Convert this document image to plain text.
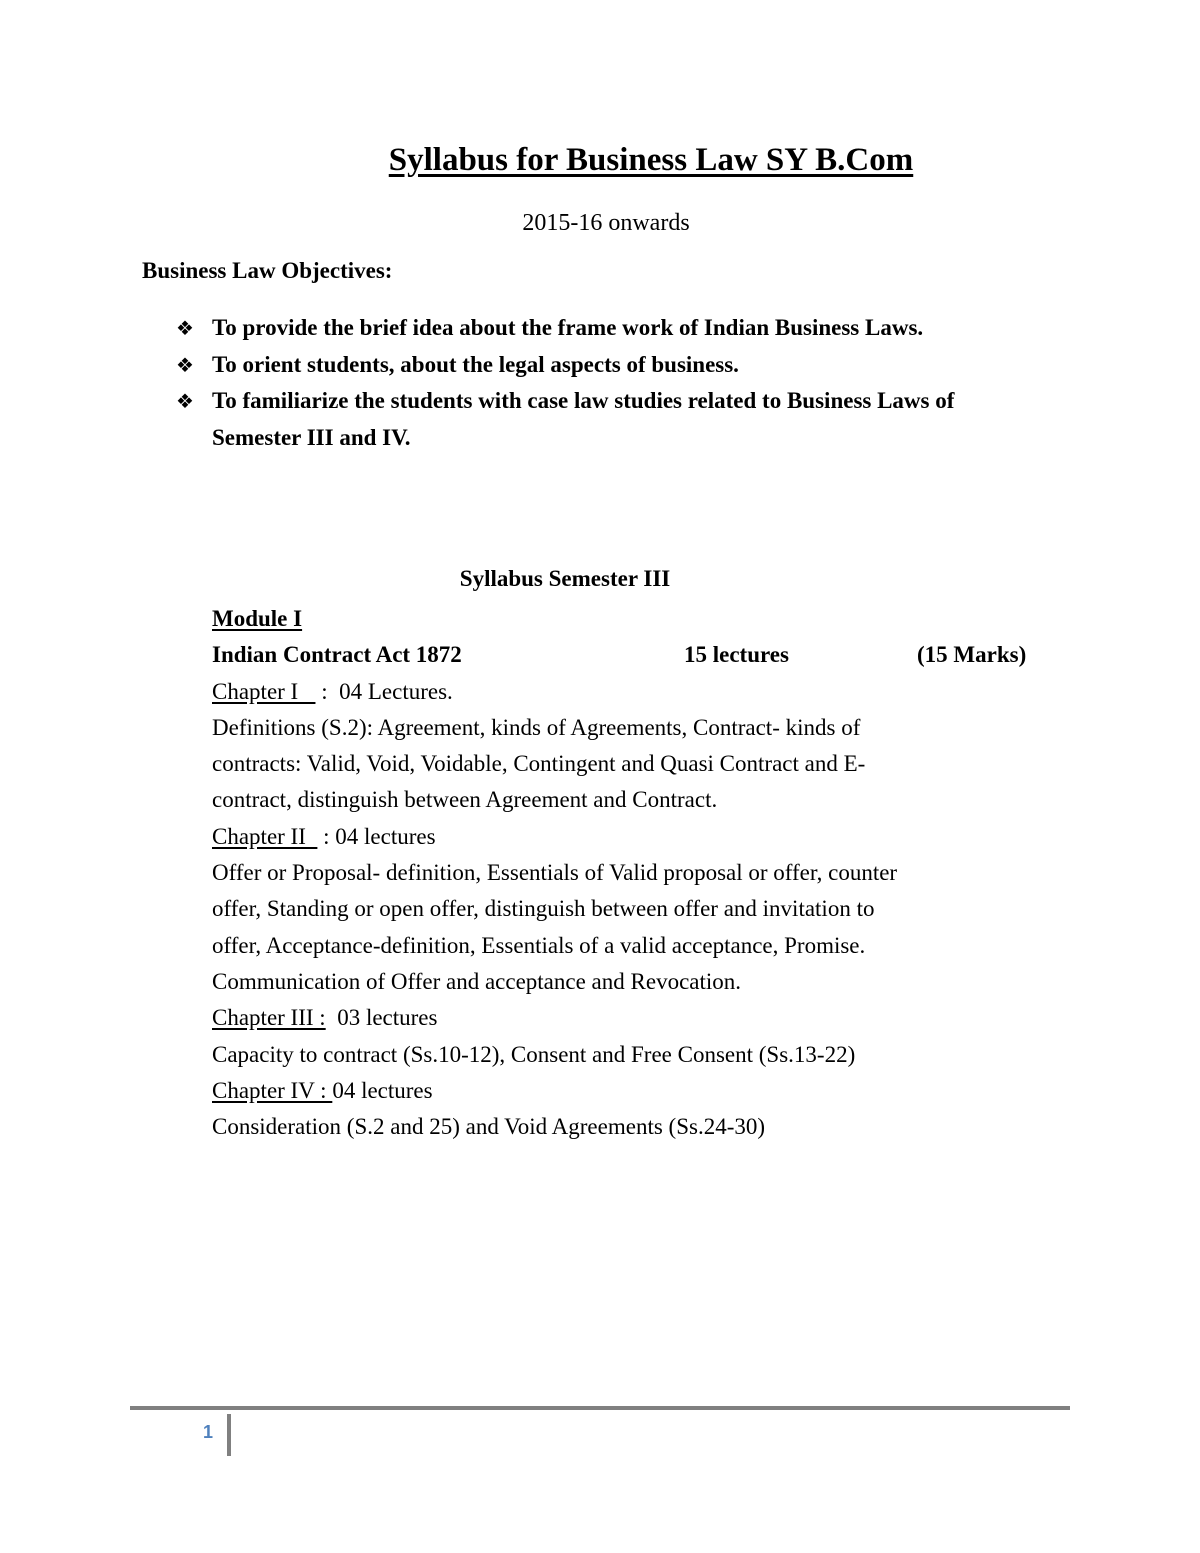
Syllabus for Business Law SY B.Com
2015-16 onwards
Business Law Objectives:
❖ To provide the brief idea about the frame work of Indian Business Laws.
❖ To orient students, about the legal aspects of business.
❖ To familiarize the students with case law studies related to Business Laws of Semester III and IV.
Syllabus Semester III
Module I
Indian Contract Act 1872	15 lectures	(15 Marks)
Chapter I    :  04 Lectures.
Definitions (S.2): Agreement, kinds of Agreements, Contract- kinds of
contracts: Valid, Void, Voidable, Contingent and Quasi Contract and E-
contract, distinguish between Agreement and Contract.
Chapter II   : 04 lectures
Offer or Proposal- definition, Essentials of Valid proposal or offer, counter
offer, Standing or open offer, distinguish between offer and invitation to
offer, Acceptance-definition, Essentials of a valid acceptance, Promise.
Communication of Offer and acceptance and Revocation.
Chapter III :  03 lectures
Capacity to contract (Ss.10-12), Consent and Free Consent (Ss.13-22)
Chapter IV : 04 lectures
Consideration (S.2 and 25) and Void Agreements (Ss.24-30)
1
